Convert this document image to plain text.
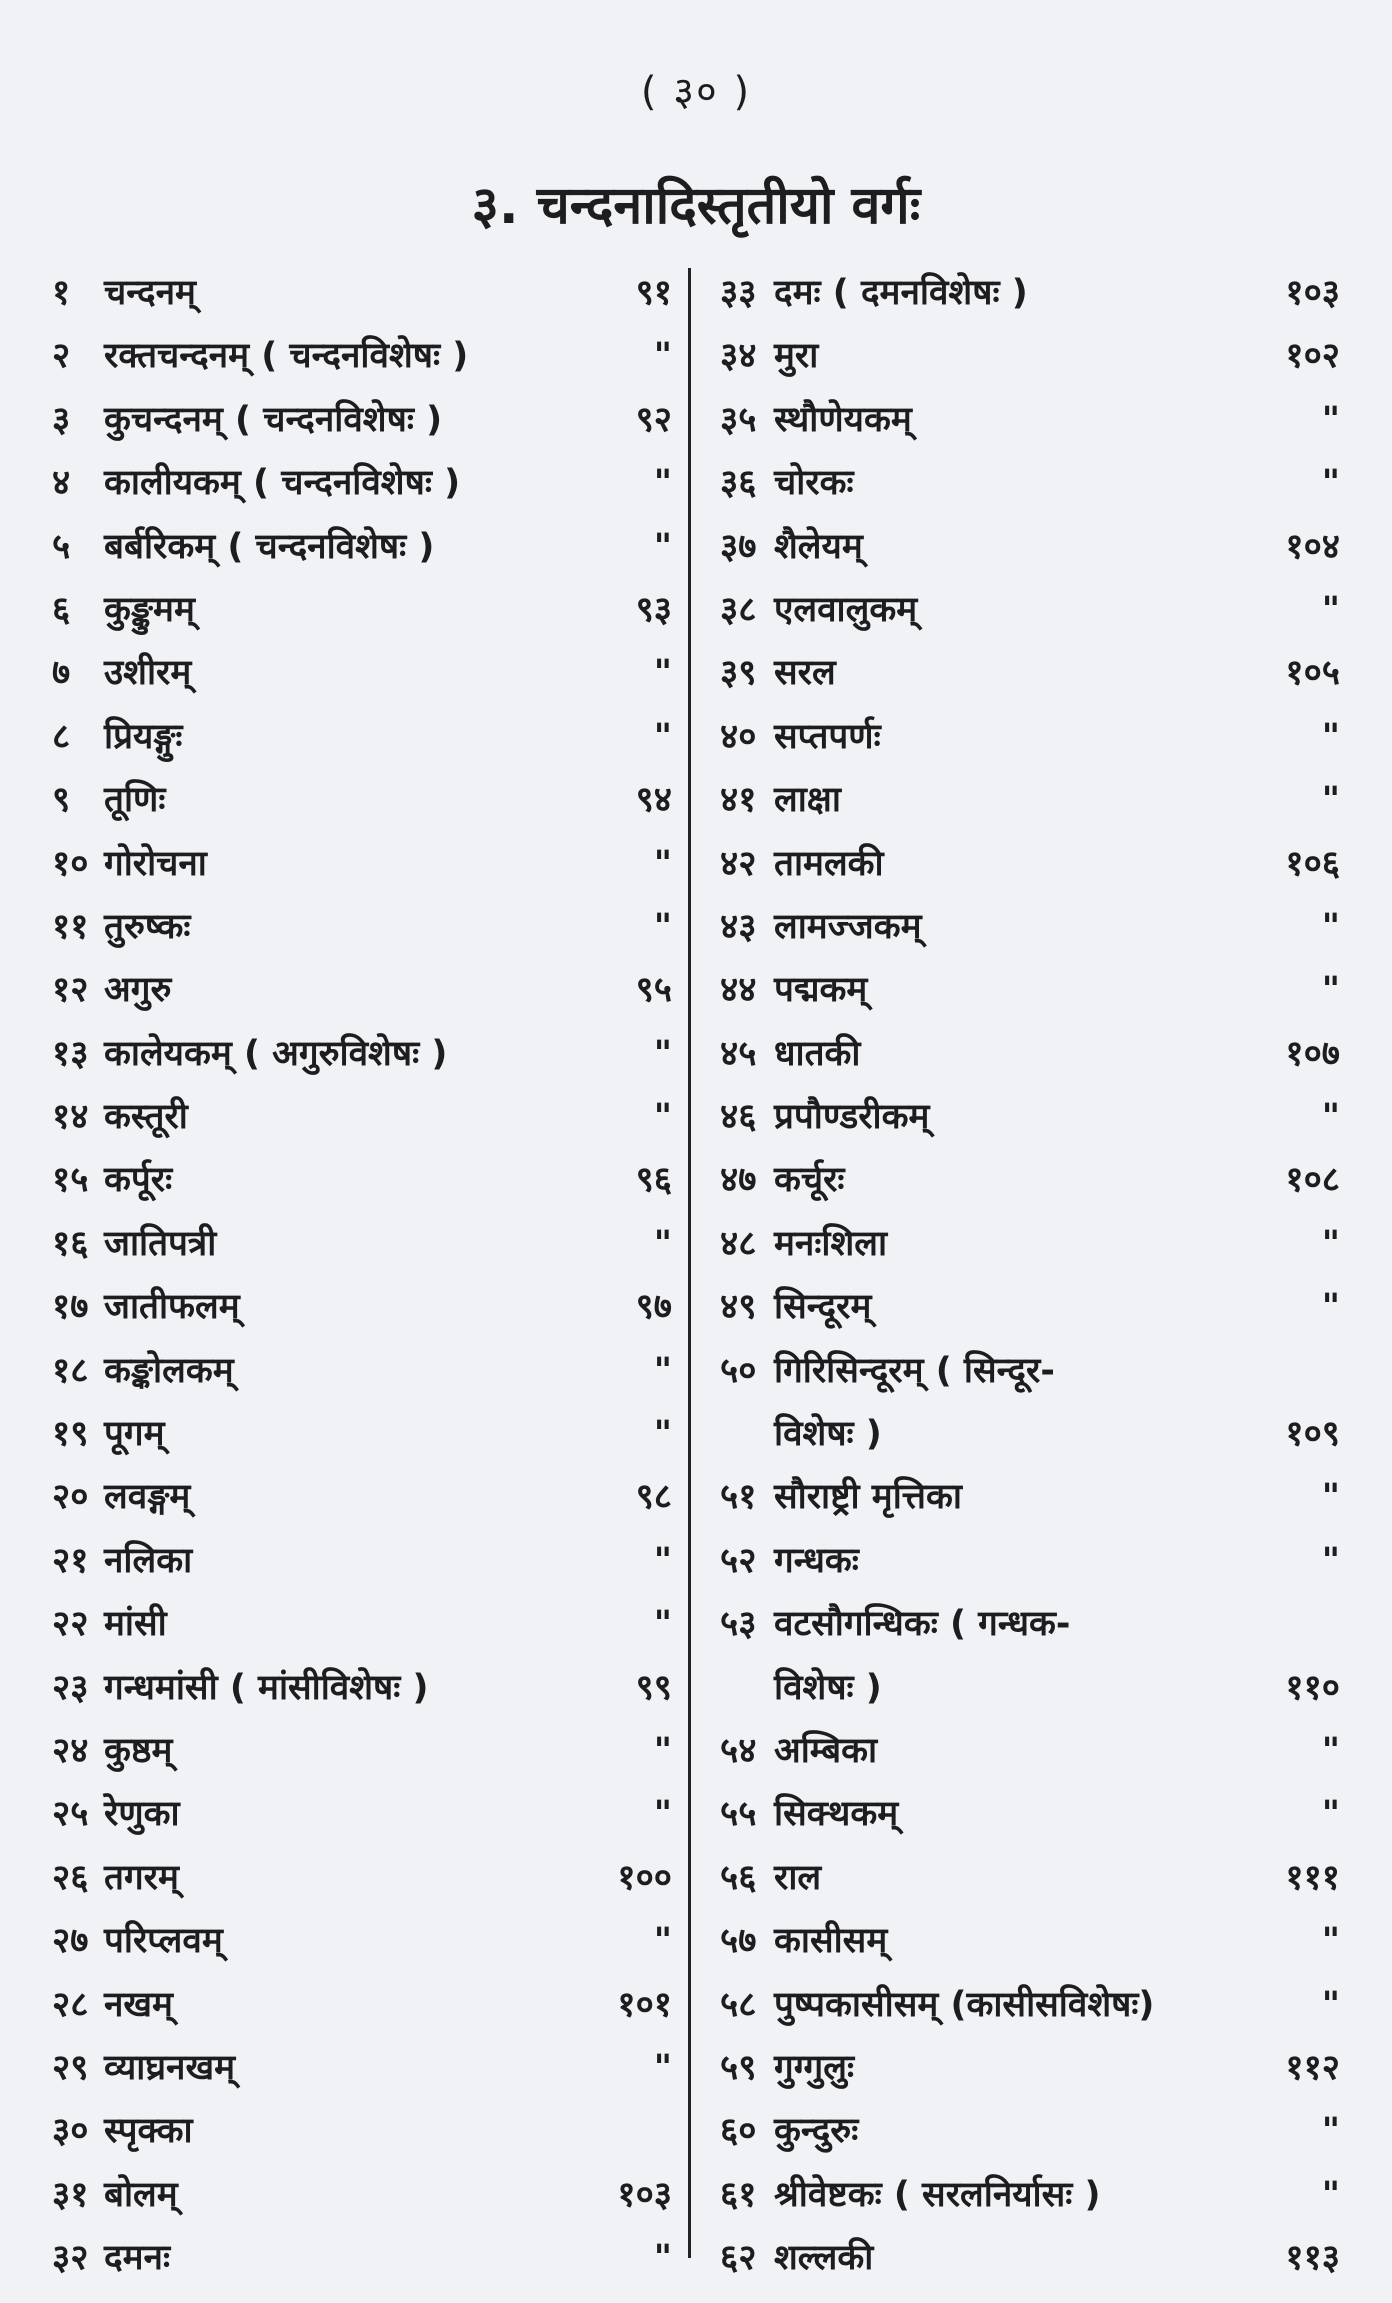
( ३० )
३. चन्दनादिस्तृतीयो वर्गः
१ चन्दनम्	९१
२ रक्तचन्दनम् ( चन्दनविशेषः )	"
३ कुचन्दनम् ( चन्दनविशेषः )	९२
४ कालीयकम् ( चन्दनविशेषः )	"
५ बर्बरिकम् ( चन्दनविशेषः )	"
६ कुङ्कुमम्	९३
७ उशीरम्	"
८ प्रियङ्गुः	"
९ तूणिः	९४
१० गोरोचना	"
११ तुरुष्कः	"
१२ अगुरु	९५
१३ कालेयकम् ( अगुरुविशेषः )	"
१४ कस्तूरी	"
१५ कर्पूरः	९६
१६ जातिपत्री	"
१७ जातीफलम्	९७
१८ कङ्कोलकम्	"
१९ पूगम्	"
२० लवङ्गम्	९८
२१ नलिका	"
२२ मांसी	"
२३ गन्धमांसी ( मांसीविशेषः )	९९
२४ कुष्ठम्	"
२५ रेणुका	"
२६ तगरम्	१००
२७ परिप्लवम्	"
२८ नखम्	१०१
२९ व्याघ्रनखम्	"
३० स्पृक्का
३१ बोलम्	१०३
३२ दमनः	"
३३ दमः ( दमनविशेषः )	१०३
३४ मुरा	१०२
३५ स्थौणेयकम्	"
३६ चोरकः	"
३७ शैलेयम्	१०४
३८ एलवालुकम्	"
३९ सरल	१०५
४० सप्तपर्णः	"
४१ लाक्षा	"
४२ तामलकी	१०६
४३ लामज्जकम्	"
४४ पद्मकम्	"
४५ धातकी	१०७
४६ प्रपौण्डरीकम्	"
४७ कर्चूरः	१०८
४८ मनःशिला	"
४९ सिन्दूरम्	"
५० गिरिसिन्दूरम् ( सिन्दूर-
विशेषः )	१०९
५१ सौराष्ट्री मृत्तिका	"
५२ गन्धकः	"
५३ वटसौगन्धिकः ( गन्धक-
विशेषः )	११०
५४ अम्बिका	"
५५ सिक्थकम्	"
५६ राल	१११
५७ कासीसम्	"
५८ पुष्पकासीसम् (कासीसविशेषः)	"
५९ गुग्गुलुः	११२
६० कुन्दुरुः	"
६१ श्रीवेष्टकः ( सरलनिर्यासः )	"
६२ शल्लकी	११३
